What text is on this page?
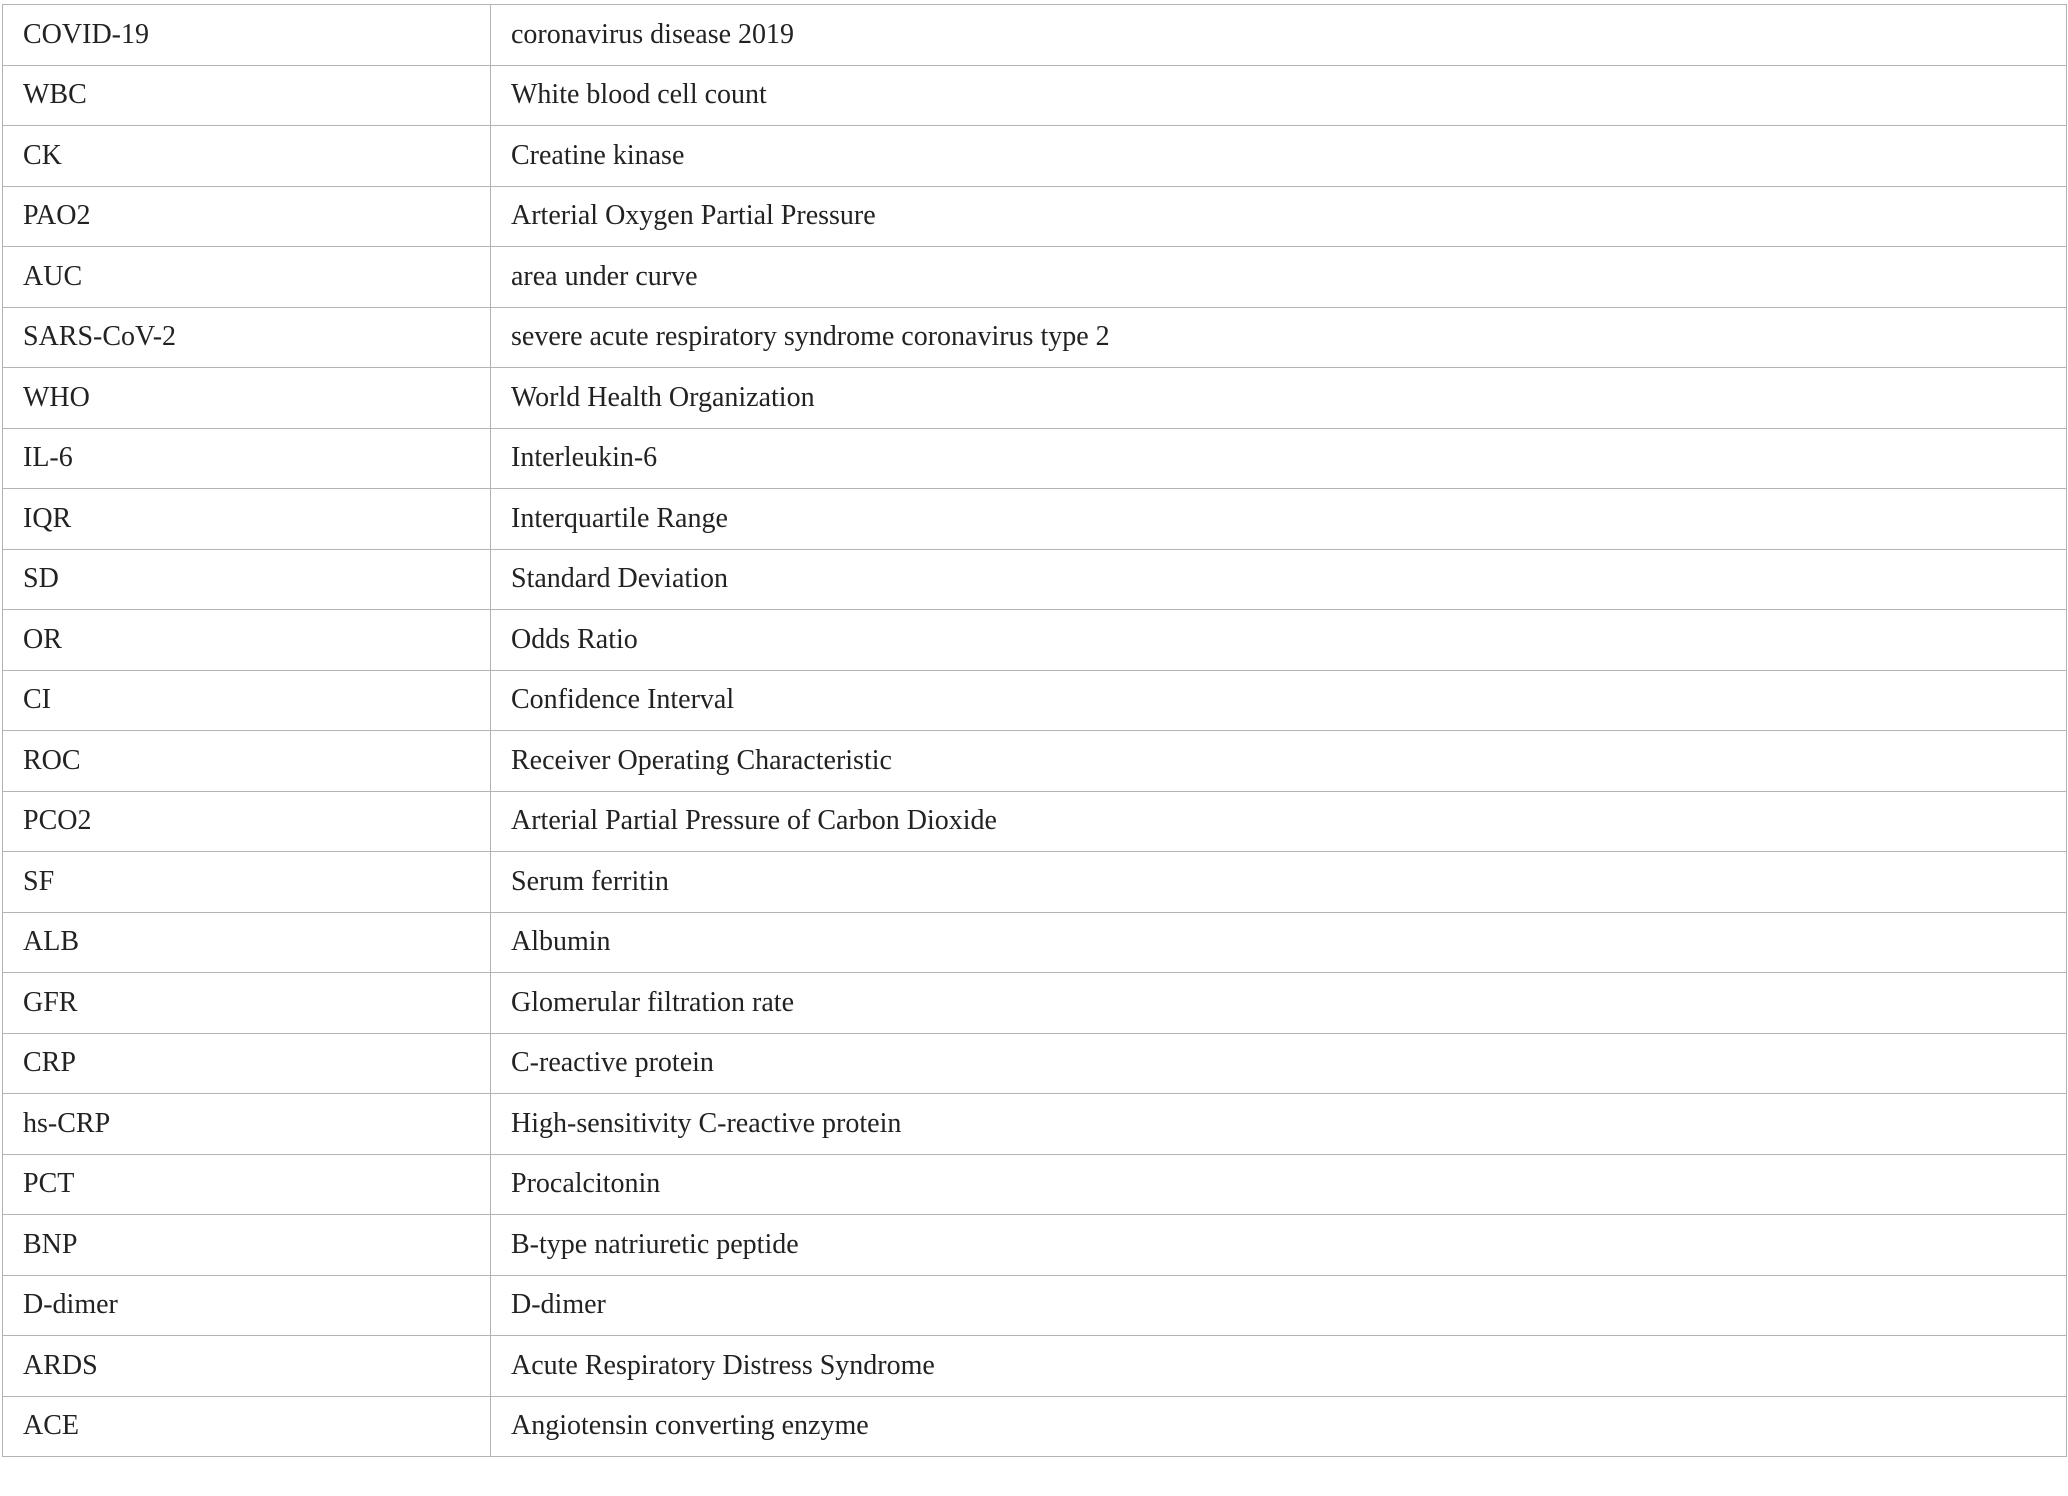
COVID-19	coronavirus disease 2019
WBC	White blood cell count
CK	Creatine kinase
PAO2	Arterial Oxygen Partial Pressure
AUC	area under curve
SARS-CoV-2	severe acute respiratory syndrome coronavirus type 2
WHO	World Health Organization
IL-6	Interleukin-6
IQR	Interquartile Range
SD	Standard Deviation
OR	Odds Ratio
CI	Confidence Interval
ROC	Receiver Operating Characteristic
PCO2	Arterial Partial Pressure of Carbon Dioxide
SF	Serum ferritin
ALB	Albumin
GFR	Glomerular filtration rate
CRP	C-reactive protein
hs-CRP	High-sensitivity C-reactive protein
PCT	Procalcitonin
BNP	B-type natriuretic peptide
D-dimer	D-dimer
ARDS	Acute Respiratory Distress Syndrome
ACE	Angiotensin converting enzyme
